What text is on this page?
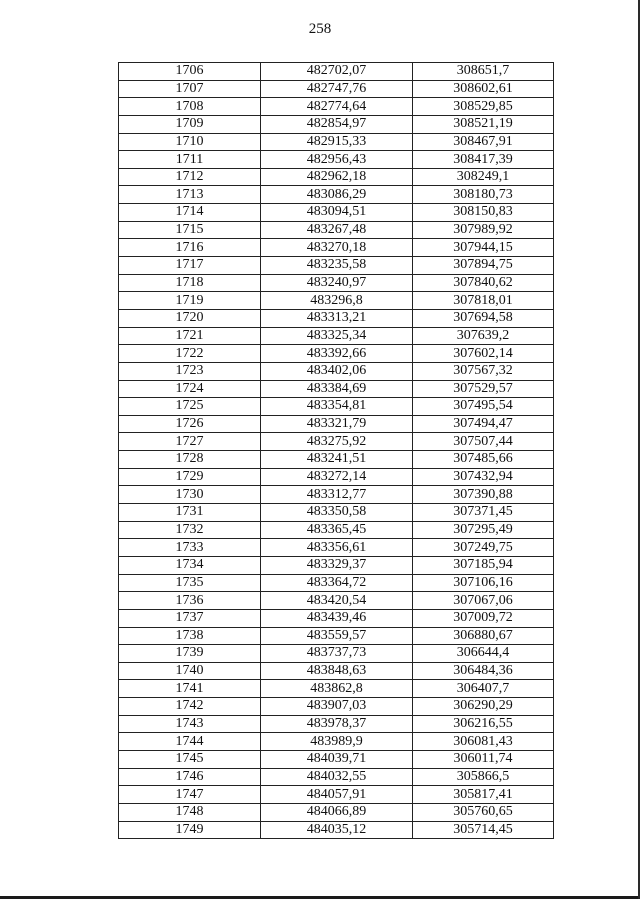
258
1706	482702,07	308651,7
1707	482747,76	308602,61
1708	482774,64	308529,85
1709	482854,97	308521,19
1710	482915,33	308467,91
1711	482956,43	308417,39
1712	482962,18	308249,1
1713	483086,29	308180,73
1714	483094,51	308150,83
1715	483267,48	307989,92
1716	483270,18	307944,15
1717	483235,58	307894,75
1718	483240,97	307840,62
1719	483296,8	307818,01
1720	483313,21	307694,58
1721	483325,34	307639,2
1722	483392,66	307602,14
1723	483402,06	307567,32
1724	483384,69	307529,57
1725	483354,81	307495,54
1726	483321,79	307494,47
1727	483275,92	307507,44
1728	483241,51	307485,66
1729	483272,14	307432,94
1730	483312,77	307390,88
1731	483350,58	307371,45
1732	483365,45	307295,49
1733	483356,61	307249,75
1734	483329,37	307185,94
1735	483364,72	307106,16
1736	483420,54	307067,06
1737	483439,46	307009,72
1738	483559,57	306880,67
1739	483737,73	306644,4
1740	483848,63	306484,36
1741	483862,8	306407,7
1742	483907,03	306290,29
1743	483978,37	306216,55
1744	483989,9	306081,43
1745	484039,71	306011,74
1746	484032,55	305866,5
1747	484057,91	305817,41
1748	484066,89	305760,65
1749	484035,12	305714,45
